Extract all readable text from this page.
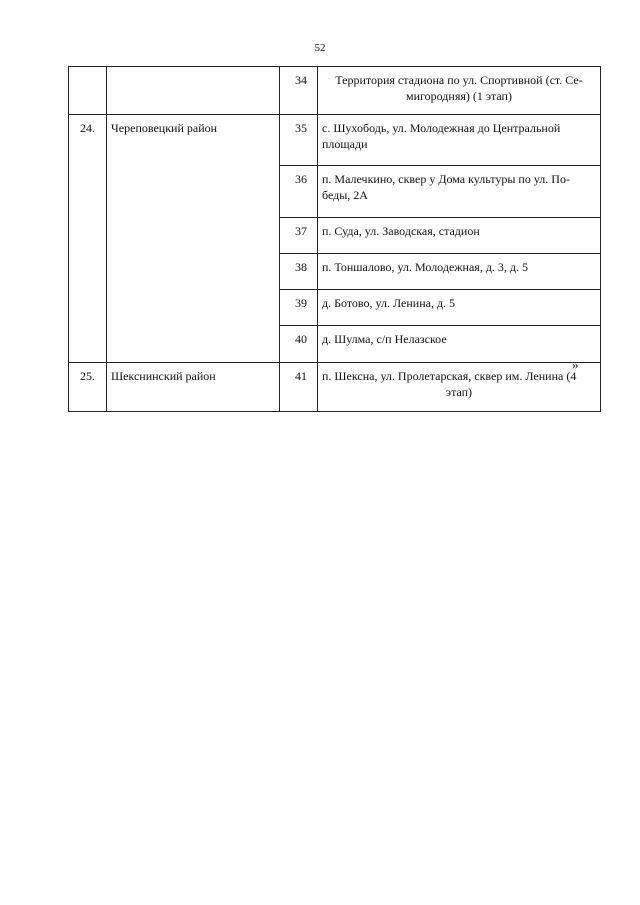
52
		34	Территория стадиона по ул. Спортивной (ст. Се-мигородняя) (1 этап)
24.	Череповецкий район	35	с. Шухободь, ул. Молодежная до Центральной площади
		36	п. Малечкино, сквер у Дома культуры по ул. По-беды, 2А
		37	п. Суда, ул. Заводская, стадион
		38	п. Тоншалово, ул. Молодежная, д. 3, д. 5
		39	д. Ботово, ул. Ленина, д. 5
		40	д. Шулма, с/п Нелазское
25.	Шекснинский район	41	п. Шексна, ул. Пролетарская, сквер им. Ленина (4
этап)
»
